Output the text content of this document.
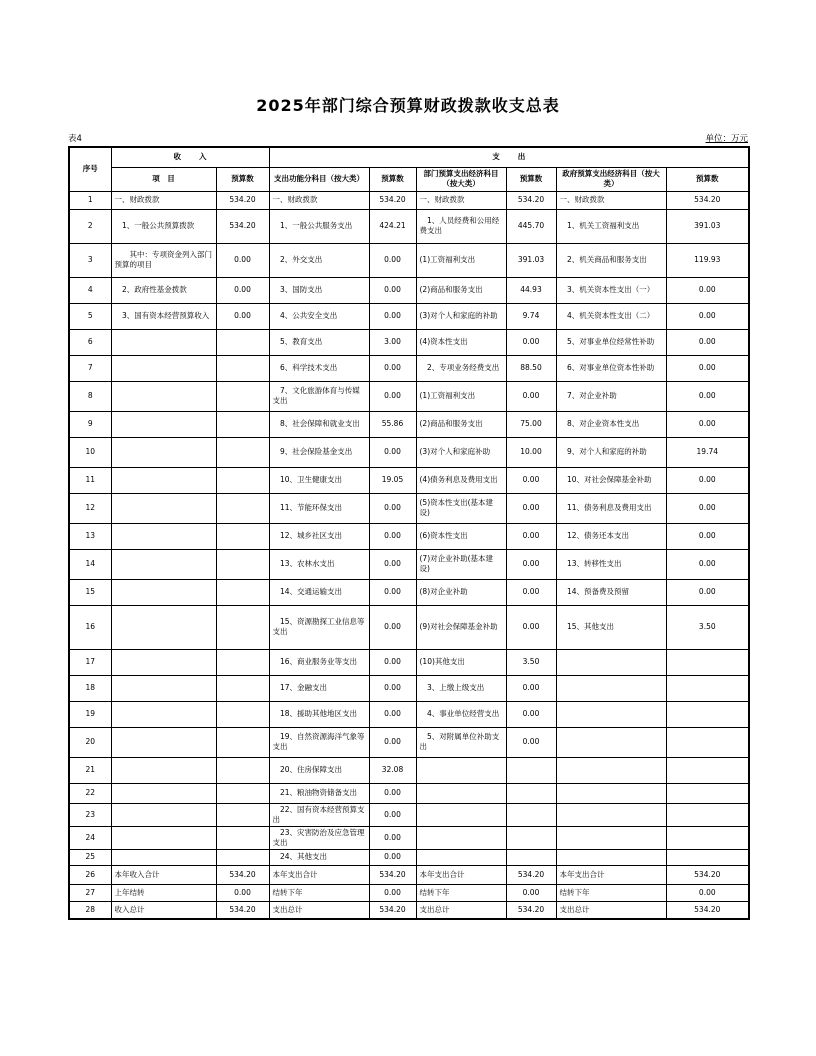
2025年部门综合预算财政拨款收支总表
表4	单位：万元
序号	收入		支出					
	项目	预算数	支出功能分科目（按大类）	预算数	部门预算支出经济科目（按大类）	预算数	政府预算支出经济科目（按大类）	预算数
1	一、财政拨款	534.20	一、财政拨款	534.20	一、财政拨款	534.20	一、财政拨款	534.20
2	　1、一般公共预算拨款	534.20	　1、一般公共服务支出	424.21	　1、人员经费和公用经费支出	445.70	　1、机关工资福利支出	391.03
3	　　其中：专项资金列入部门预算的项目	0.00	　2、外交支出	0.00	(1)工资福利支出	391.03	　2、机关商品和服务支出	119.93
4	　2、政府性基金拨款	0.00	　3、国防支出	0.00	(2)商品和服务支出	44.93	　3、机关资本性支出（一）	0.00
5	　3、国有资本经营预算收入	0.00	　4、公共安全支出	0.00	(3)对个人和家庭的补助	9.74	　4、机关资本性支出（二）	0.00
6			　5、教育支出	3.00	(4)资本性支出	0.00	　5、对事业单位经常性补助	0.00
7			　6、科学技术支出	0.00	　2、专项业务经费支出	88.50	　6、对事业单位资本性补助	0.00
8			　7、文化旅游体育与传媒支出	0.00	(1)工资福利支出	0.00	　7、对企业补助	0.00
9			　8、社会保障和就业支出	55.86	(2)商品和服务支出	75.00	　8、对企业资本性支出	0.00
10			　9、社会保险基金支出	0.00	(3)对个人和家庭补助	10.00	　9、对个人和家庭的补助	19.74
11			　10、卫生健康支出	19.05	(4)债务利息及费用支出	0.00	　10、对社会保障基金补助	0.00
12			　11、节能环保支出	0.00	(5)资本性支出(基本建设)	0.00	　11、债务利息及费用支出	0.00
13			　12、城乡社区支出	0.00	(6)资本性支出	0.00	　12、债务还本支出	0.00
14			　13、农林水支出	0.00	(7)对企业补助(基本建设)	0.00	　13、转移性支出	0.00
15			　14、交通运输支出	0.00	(8)对企业补助	0.00	　14、预备费及预留	0.00
16			　15、资源勘探工业信息等支出	0.00	(9)对社会保障基金补助	0.00	　15、其他支出	3.50
17			　16、商业服务业等支出	0.00	(10)其他支出	3.50		
18			　17、金融支出	0.00	　3、上缴上级支出	0.00		
19			　18、援助其他地区支出	0.00	　4、事业单位经营支出	0.00		
20			　19、自然资源海洋气象等支出	0.00	　5、对附属单位补助支出	0.00		
21			　20、住房保障支出	32.08				
22			　21、粮油物资储备支出	0.00				
23			　22、国有资本经营预算支出	0.00				
24			　23、灾害防治及应急管理支出	0.00				
25			　24、其他支出	0.00				
26	本年收入合计	534.20	本年支出合计	534.20	本年支出合计	534.20	本年支出合计	534.20
27	上年结转	0.00	结转下年	0.00	结转下年	0.00	结转下年	0.00
28	收入总计	534.20	支出总计	534.20	支出总计	534.20	支出总计	534.20
